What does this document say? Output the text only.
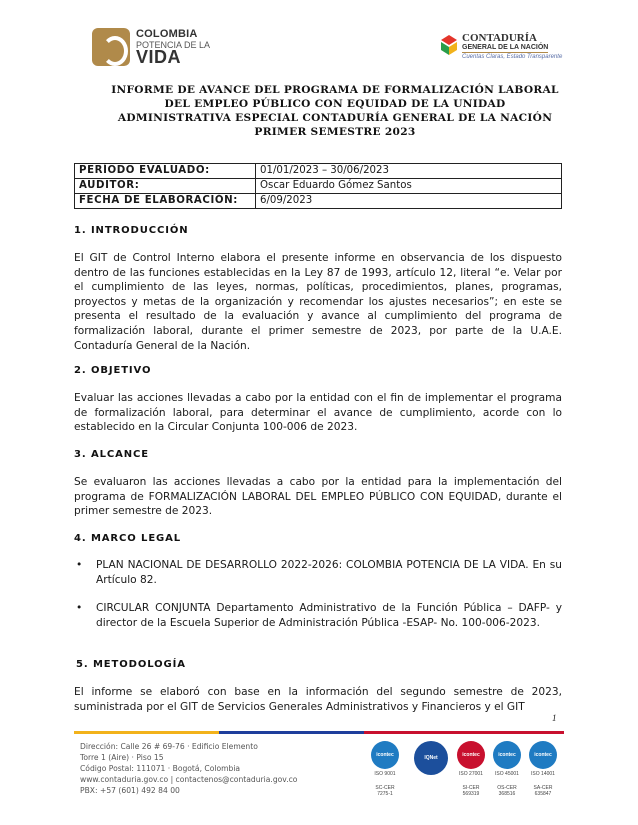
COLOMBIA
POTENCIA DE LA
VIDA
CONTADURÍA
GENERAL DE LA NACIÓN
Cuentas Claras, Estado Transparente
INFORME DE AVANCE DEL PROGRAMA DE FORMALIZACIÓN LABORAL
DEL EMPLEO PÚBLICO CON EQUIDAD DE LA UNIDAD
ADMINISTRATIVA ESPECIAL CONTADURÍA GENERAL DE LA NACIÓN
PRIMER SEMESTRE 2023
PERÍODO EVALUADO:	01/01/2023 – 30/06/2023
AUDITOR:	Oscar Eduardo Gómez Santos
FECHA DE ELABORACIÓN:	6/09/2023
1. INTRODUCCIÓN
El GIT de Control Interno elabora el presente informe en observancia de los dispuesto dentro de las funciones establecidas en la Ley 87 de 1993, artículo 12, literal “e. Velar por el cumplimiento de las leyes, normas, políticas, procedimientos, planes, programas, proyectos y metas de la organización y recomendar los ajustes necesarios”; en este se presenta el resultado de la evaluación y avance al cumplimiento del programa de formalización laboral, durante el primer semestre de 2023, por parte de la U.A.E. Contaduría General de la Nación.
2. OBJETIVO
Evaluar las acciones llevadas a cabo por la entidad con el fin de implementar el programa de formalización laboral, para determinar el avance de cumplimiento, acorde con lo establecido en la Circular Conjunta 100-006 de 2023.
3. ALCANCE
Se evaluaron las acciones llevadas a cabo por la entidad para la implementación del programa de FORMALIZACIÓN LABORAL DEL EMPLEO PÚBLICO CON EQUIDAD, durante el primer semestre de 2023.
4. MARCO LEGAL
• PLAN NACIONAL DE DESARROLLO 2022-2026: COLOMBIA POTENCIA DE LA VIDA. En su Artículo 82.
• CIRCULAR CONJUNTA Departamento Administrativo de la Función Pública – DAFP- y director de la Escuela Superior de Administración Pública -ESAP- No. 100-006-2023.
5. METODOLOGÍA
El informe se elaboró con base en la información del segundo semestre de 2023, suministrada por el GIT de Servicios Generales Administrativos y Financieros y el GIT
1
Dirección: Calle 26 # 69-76 · Edificio Elemento
Torre 1 (Aire) · Piso 15
Código Postal: 111071 · Bogotá, Colombia
www.contaduria.gov.co | contactenos@contaduria.gov.co
PBX: +57 (601) 492 84 00
icontec
ISO 9001
SC-CER 7275-1
IQNet	icontec
ISO 27001
SI-CER 569319
icontec
ISO 45001
OS-CER 368516
icontec
ISO 14001
SA-CER 635847
